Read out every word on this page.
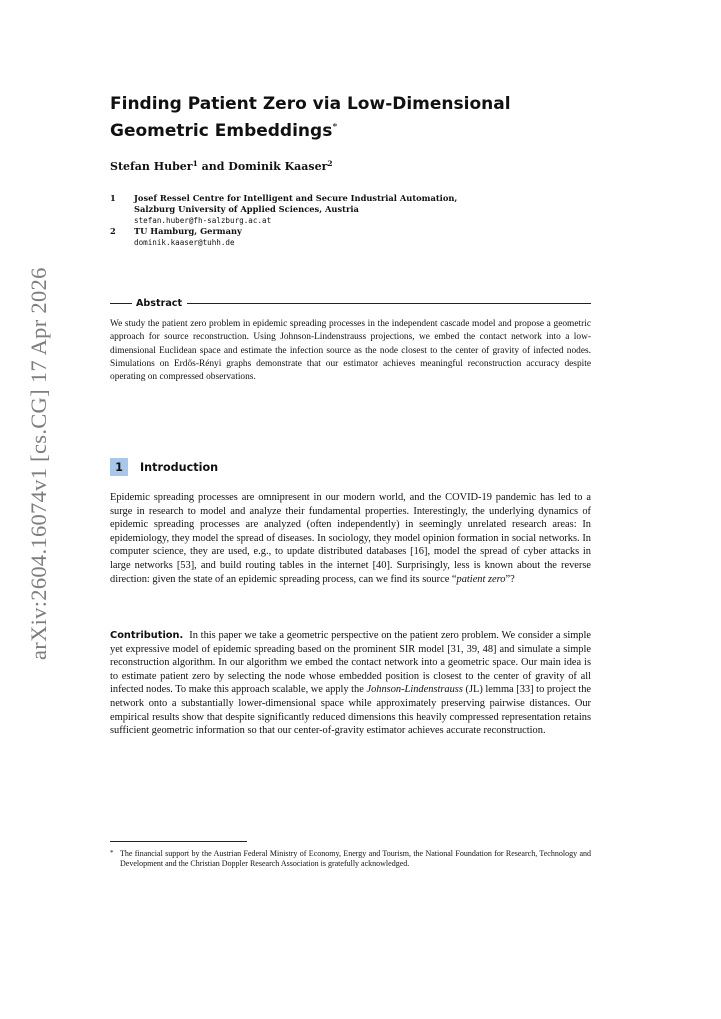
arXiv:2604.16074v1 [cs.CG] 17 Apr 2026
Finding Patient Zero via Low-Dimensional Geometric Embeddings*
Stefan Huber$^1$ and Dominik Kaaser$^2$
1 Josef Ressel Centre for Intelligent and Secure Industrial Automation,
Salzburg University of Applied Sciences, Austria
stefan.huber@fh-salzburg.ac.at
2 TU Hamburg, Germany
dominik.kaaser@tuhh.de
Abstract

We study the patient zero problem in epidemic spreading processes in the independent cascade model and propose a geometric approach for source reconstruction. Using Johnson-Lindenstrauss projections, we embed the contact network into a low-dimensional Euclidean space and estimate the infection source as the node closest to the center of gravity of infected nodes. Simulations on Erdős-Rényi graphs demonstrate that our estimator achieves meaningful reconstruction accuracy despite operating on compressed observations.

1	Introduction

Epidemic spreading processes are omnipresent in our modern world, and the COVID-19 pandemic has led to a surge in research to model and analyze their fundamental properties. Interestingly, the underlying dynamics of epidemic spreading processes are analyzed (often independently) in seemingly unrelated research areas: In epidemiology, they model the spread of diseases. In sociology, they model opinion formation in social networks. In computer science, they are used, e.g., to update distributed databases [16], model the spread of cyber attacks in large networks [53], and build routing tables in the internet [40]. Surprisingly, less is known about the reverse direction: given the state of an epidemic spreading process, can we find its source “patient zero”?

Contribution. In this paper we take a geometric perspective on the patient zero problem. We consider a simple yet expressive model of epidemic spreading based on the prominent SIR model [31, 39, 48] and simulate a simple reconstruction algorithm. In our algorithm we embed the contact network into a geometric space. Our main idea is to estimate patient zero by selecting the node whose embedded position is closest to the center of gravity of all infected nodes. To make this approach scalable, we apply the Johnson-Lindenstrauss (JL) lemma [33] to project the network onto a substantially lower-dimensional space while approximately preserving pairwise distances. Our empirical results show that despite significantly reduced dimensions this heavily compressed representation retains sufficient geometric information so that our center-of-gravity estimator achieves accurate reconstruction.

* The financial support by the Austrian Federal Ministry of Economy, Energy and Tourism, the National Foundation for Research, Technology and Development and the Christian Doppler Research Association is gratefully acknowledged.
